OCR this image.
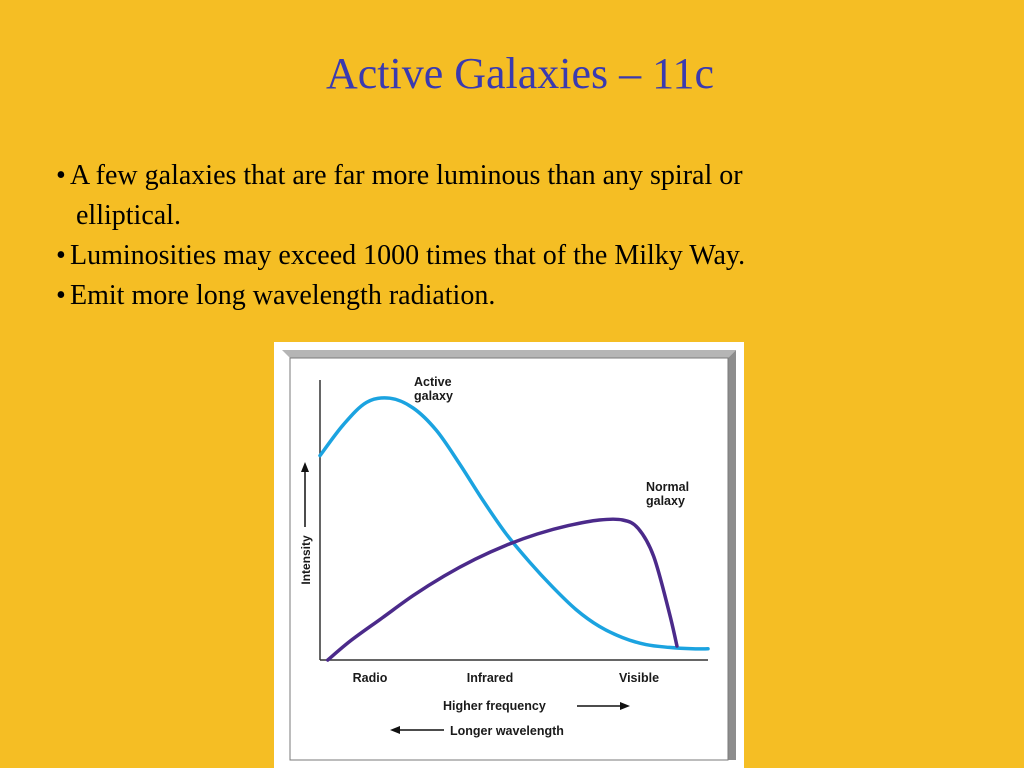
Active Galaxies – 11c
• A few galaxies that are far more luminous than any spiral or
elliptical.
• Luminosities may exceed 1000 times that of the Milky Way.
• Emit more long wavelength radiation.
Intensity
Active
galaxy
Normal
galaxy
Radio	Infrared	Visible
Higher frequency
Longer wavelength
